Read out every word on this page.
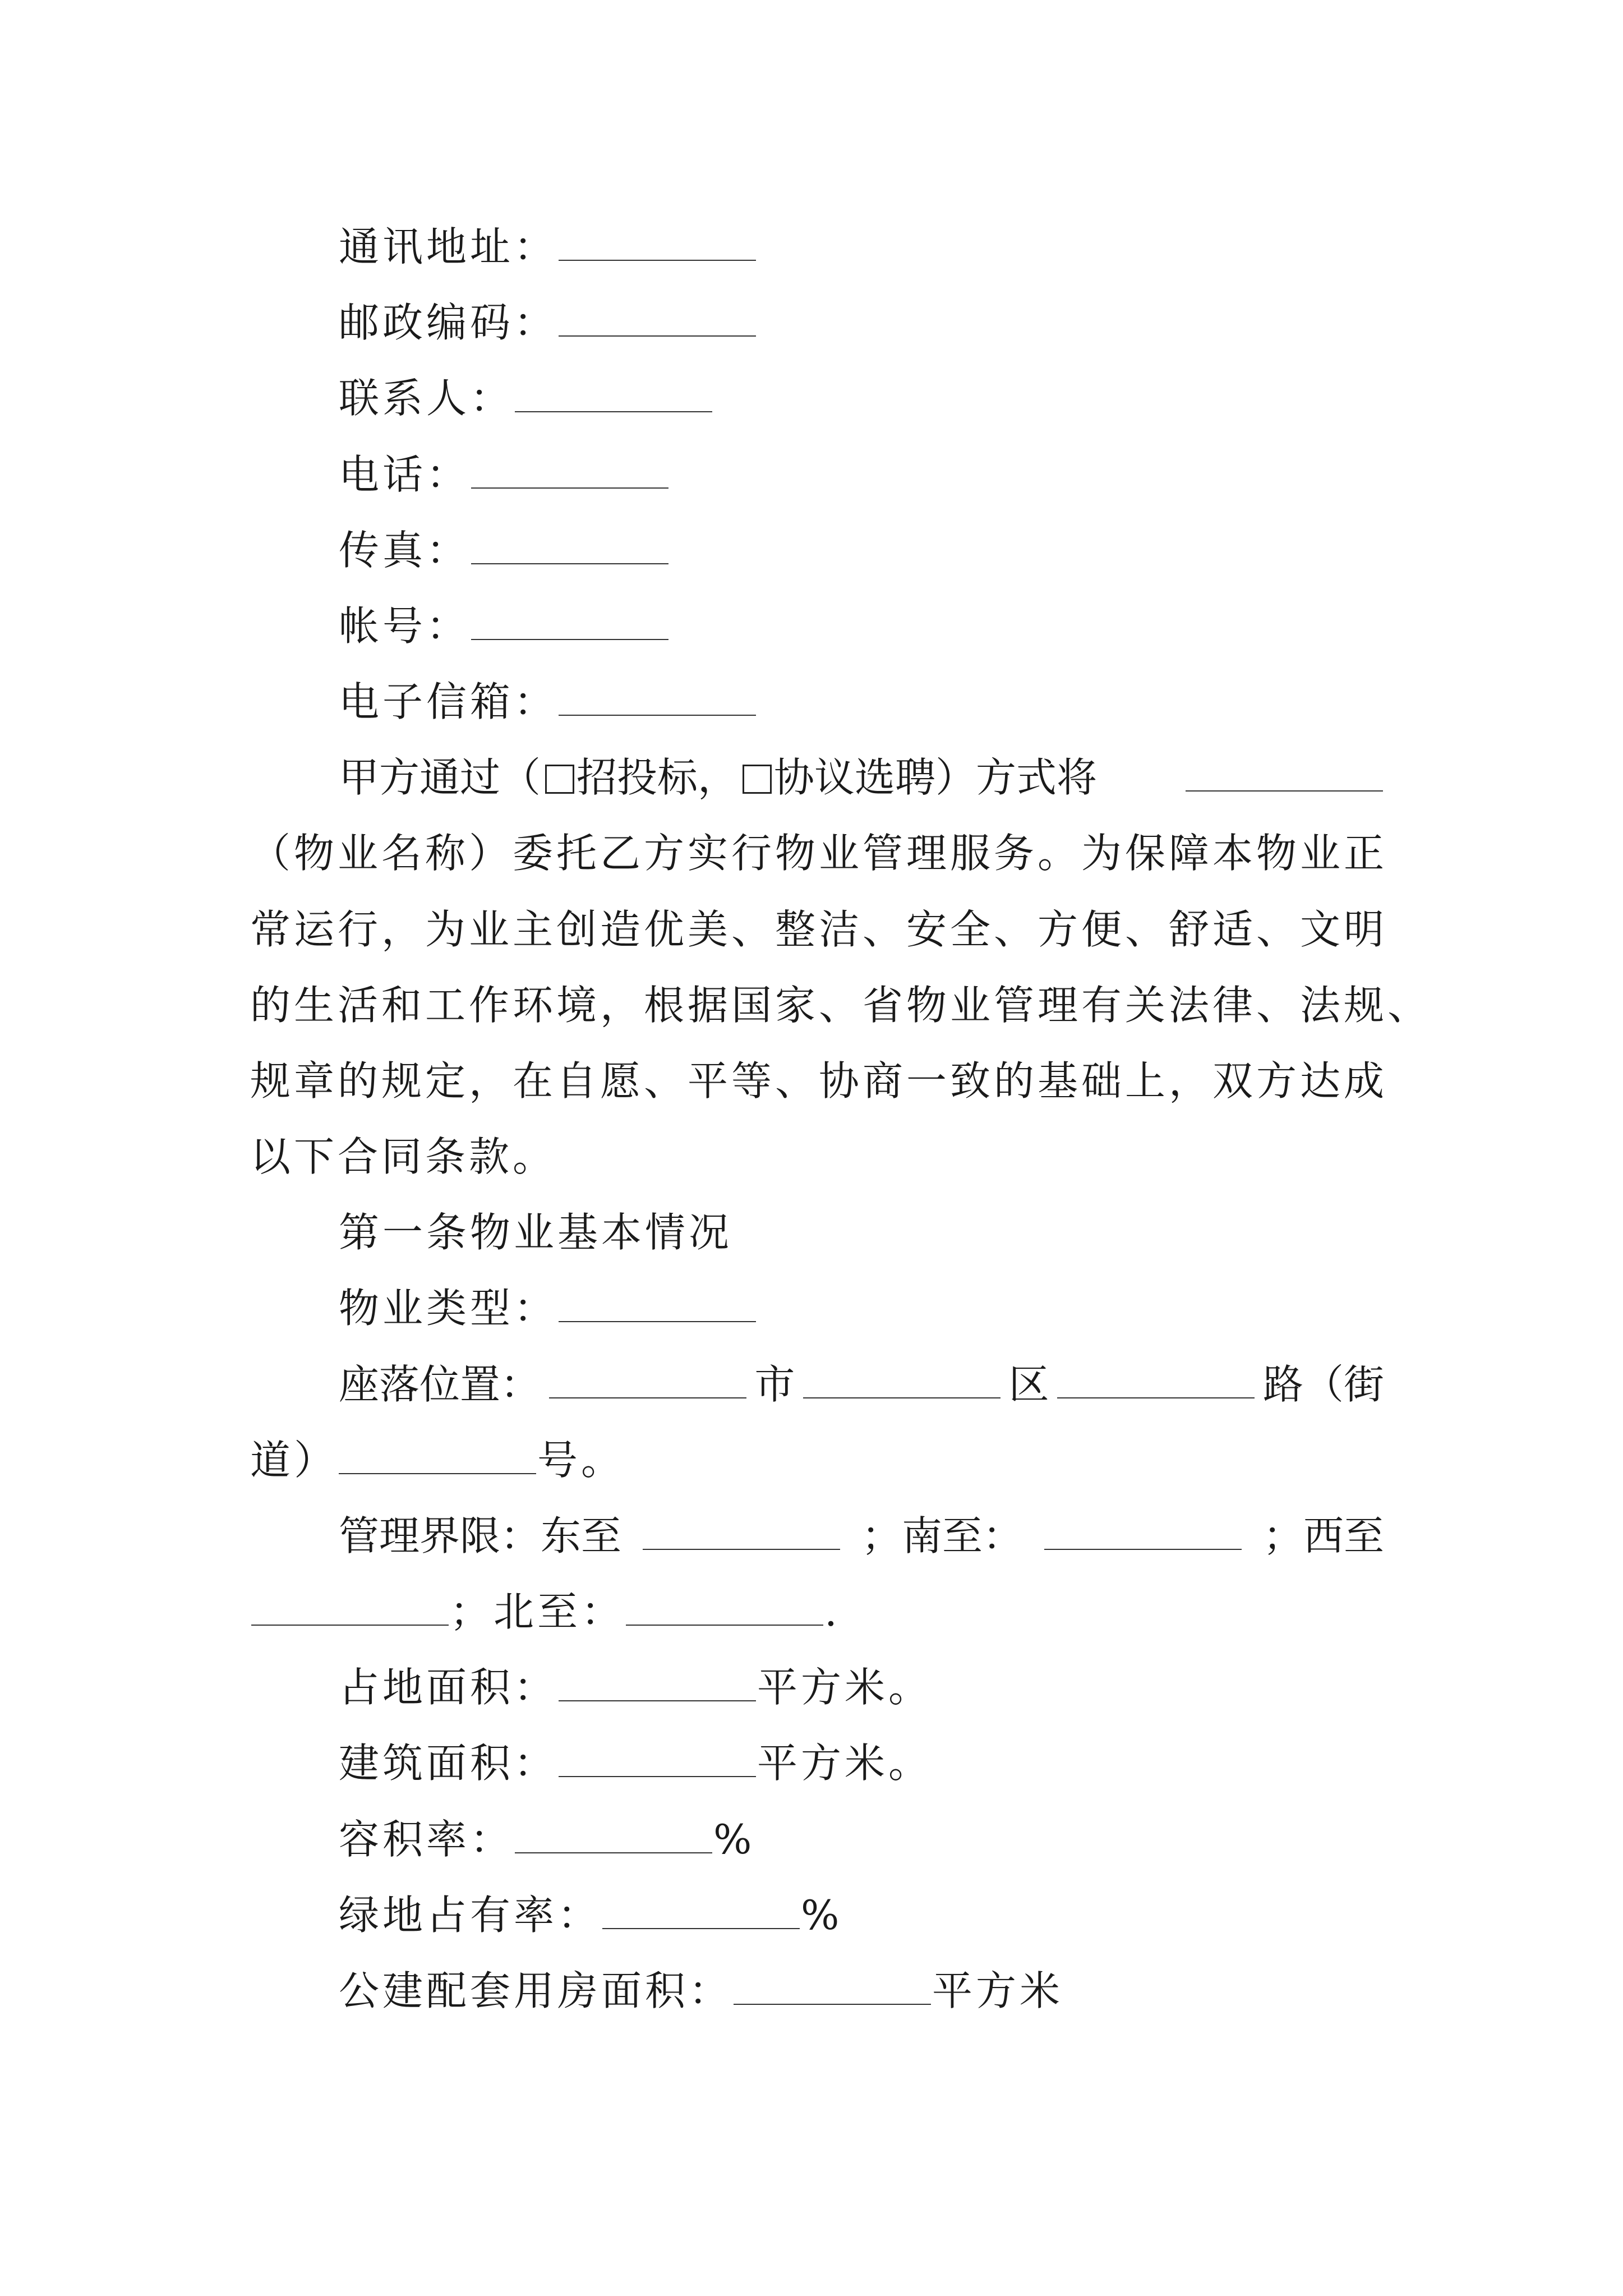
通讯地址：
邮政编码：
联系人：
电话：
传真：
帐号：
电子信箱：
甲方通过（ 招投标， 协议选聘）方式将
（物业名称）委托乙方实行物业管理服务。为保障本物业正
常运行，为业主创造优美、整洁、安全、方便、舒适、文明
的生活和工作环境，根据国家、省物业管理有关法律、法规、
规章的规定，在自愿、平等、协商一致的基础上，双方达成
以下合同条款。
第一条物业基本情况
物业类型：
座落位置：	市	区	路（街
道）	号。
管理界限：东至	；南至：	；西至
；北至：	.
占地面积：	平方米。
建筑面积：	平方米。
容积率：	%
绿地占有率：	%
公建配套用房面积：	平方米
